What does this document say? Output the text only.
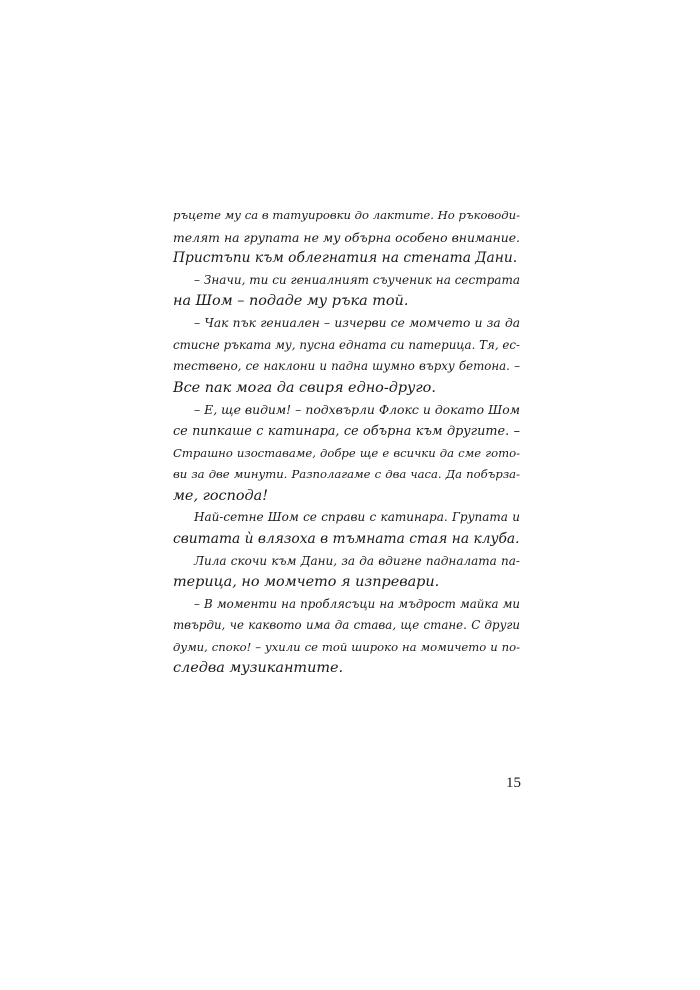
ръцете му са в татуировки до лактите. Но ръководи-
телят на групата не му обърна особено внимание.
Пристъпи към облегнатия на стената Дани.
– Значи, ти си гениалният съученик на сестрата
на Шом – подаде му ръка той.
– Чак пък гениален – изчерви се момчето и за да
стисне ръката му, пусна едната си патерица. Тя, ес-
тествено, се наклони и падна шумно върху бетона. –
Все пак мога да свиря едно-друго.
– Е, ще видим! – подхвърли Флокс и докато Шом
се пипкаше с катинара, се обърна към другите. –
Страшно изоставаме, добре ще е всички да сме гото-
ви за две минути. Разполагаме с два часа. Да побърза-
ме, господа!
Най-сетне Шом се справи с катинара. Групата и
свитата ѝ влязоха в тъмната стая на клуба.
Лила скочи към Дани, за да вдигне падналата па-
терица, но момчето я изпревари.
– В моменти на проблясъци на мъдрост майка ми
твърди, че каквото има да става, ще стане. С други
думи, споко! – ухили се той широко на момичето и по-
следва музикантите.
15
